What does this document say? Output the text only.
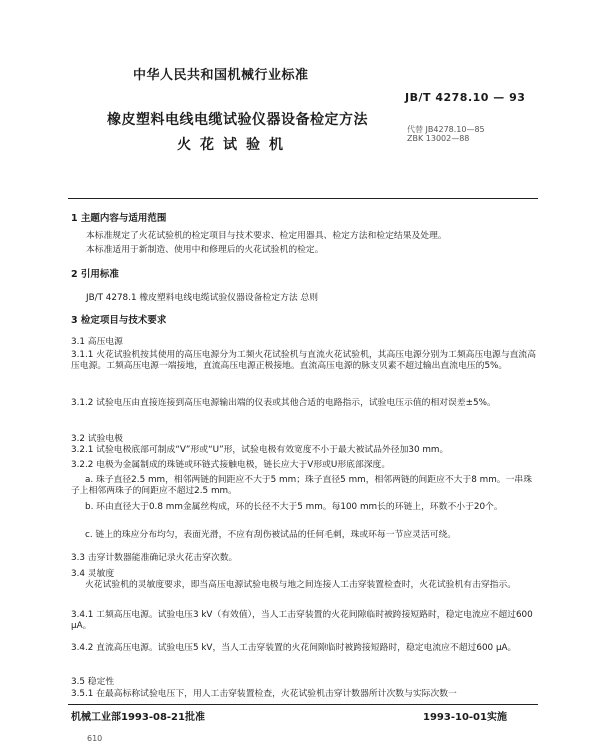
中华人民共和国机械行业标准
JB/T 4278.10 — 93
橡皮塑料电线电缆试验仪器设备检定方法
火花试验机
代替 JB4278.10—85
ZBK 13002—88
1 主题内容与适用范围
本标准规定了火花试验机的检定项目与技术要求、检定用器具、检定方法和检定结果及处理。
本标准适用于新制造、使用中和修理后的火花试验机的检定。
2 引用标准
JB/T 4278.1 橡皮塑料电线电缆试验仪器设备检定方法 总则
3 检定项目与技术要求
3.1 高压电源
3.1.1 火花试验机按其使用的高压电源分为工频火花试验机与直流火花试验机，其高压电源分别为工频高压电源与直流高压电源。工频高压电源一端接地，直流高压电源正极接地。直流高压电源的脉支贝素不超过输出直流电压的5%。
3.1.2 试验电压由直接连接到高压电源输出端的仪表或其他合适的电路指示，试验电压示值的相对误差±5%。
3.2 试验电极
3.2.1 试验电极底部可制成“V”形或“U”形，试验电极有效宽度不小于最大被试品外径加30 mm。
3.2.2 电极为金属制成的珠链或环链式接触电极，链长应大于V形或U形底部深度。
a. 珠子直径2.5 mm，相邻两链的间距应不大于5 mm；珠子直径5 mm，相邻两链的间距应不大于8 mm。一串珠子上相邻两珠子的间距应不超过2.5 mm。
b. 环由直径大于0.8 mm金属丝构成，环的长径不大于5 mm。每100 mm长的环链上，环数不小于20个。
c. 链上的珠应分布均匀，表面光滑，不应有刮伤被试品的任何毛刺，珠或环每一节应灵活可绕。
3.3 击穿计数器能准确记录火花击穿次数。
3.4 灵敏度
火花试验机的灵敏度要求，即当高压电源试验电极与地之间连接人工击穿装置检查时，火花试验机有击穿指示。
3.4.1 工频高压电源。试验电压3 kV（有效值），当人工击穿装置的火花间隙临时被跨接短路时，稳定电流应不超过600 μA。
3.4.2 直流高压电源。试验电压5 kV，当人工击穿装置的火花间隙临时被跨接短路时，稳定电流应不超过600 μA。
3.5 稳定性
3.5.1 在最高标称试验电压下，用人工击穿装置检查，火花试验机击穿计数器所计次数与实际次数一
机械工业部1993-08-21批准	1993-10-01实施
610
